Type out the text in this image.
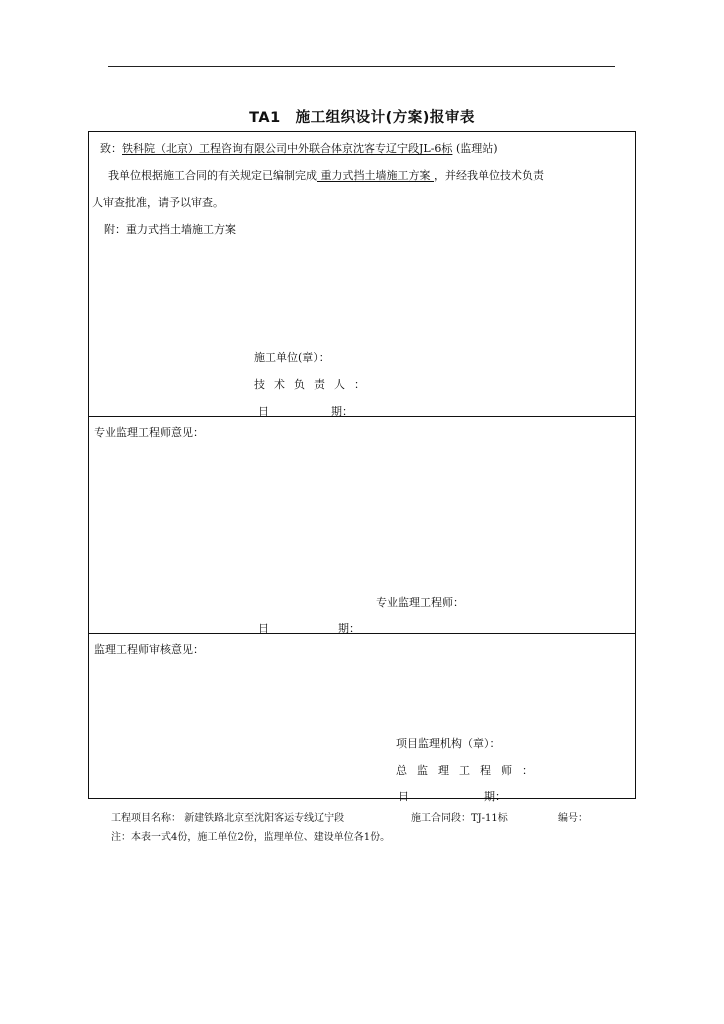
TA1　施工组织设计(方案)报审表
致：铁科院（北京）工程咨询有限公司中外联合体京沈客专辽宁段JL-6标 (监理站)
我单位根据施工合同的有关规定已编制完成 重力式挡土墙施工方案 ，并经我单位技术负责
人审查批准，请予以审查。
附：重力式挡土墙施工方案
施工单位(章）：
技术负责人：
日	期：
专业监理工程师意见：
专业监理工程师：
日	期：
监理工程师审核意见：
项目监理机构（章）：
总监理工程师：
日	期：
工程项目名称： 新建铁路北京至沈阳客运专线辽宁段	施工合同段：TJ-11标	编号：
注：本表一式4份，施工单位2份，监理单位、建设单位各1份。
